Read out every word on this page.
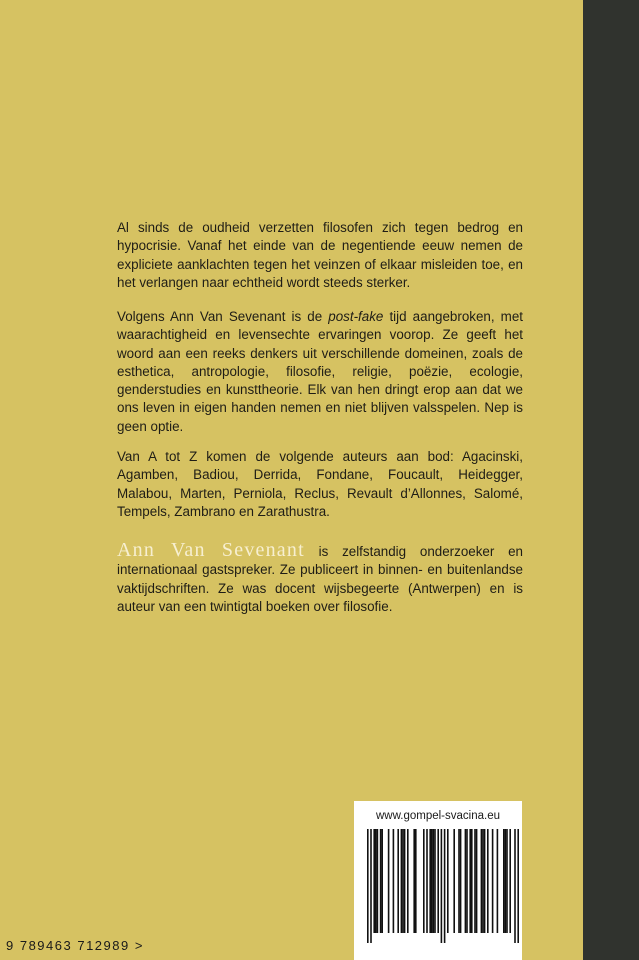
Al sinds de oudheid verzetten filosofen zich tegen bedrog en hypocrisie. Vanaf het einde van de negentiende eeuw nemen de expliciete aanklachten tegen het veinzen of elkaar misleiden toe, en het verlangen naar echtheid wordt steeds sterker.

Volgens Ann Van Sevenant is de post-fake tijd aangebroken, met waarachtigheid en levensechte ervaringen voorop. Ze geeft het woord aan een reeks denkers uit verschillende domeinen, zoals de esthetica, antropologie, filosofie, religie, poëzie, ecologie, genderstudies en kunsttheorie. Elk van hen dringt erop aan dat we ons leven in eigen handen nemen en niet blijven valsspelen. Nep is geen optie.

Van A tot Z komen de volgende auteurs aan bod: Agacinski, Agamben, Badiou, Derrida, Fondane, Foucault, Heidegger, Malabou, Marten, Perniola, Reclus, Revault d’Allonnes, Salomé, Tempels, Zambrano en Zarathustra.

Ann Van Sevenant is zelfstandig onderzoeker en internationaal gastspreker. Ze publiceert in binnen- en buitenlandse vaktijdschriften. Ze was docent wijsbegeerte (Antwerpen) en is auteur van een twintigtal boeken over filosofie.

www.gompel-svacina.eu
9 789463 712989 >
